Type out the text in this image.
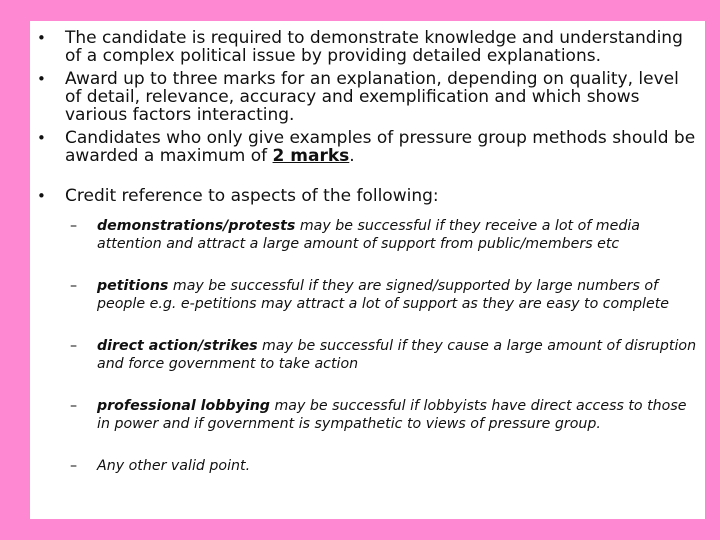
• The candidate is required to demonstrate knowledge and understanding of a complex political issue by providing detailed explanations.
• Award up to three marks for an explanation, depending on quality, level of detail, relevance, accuracy and exemplification and which shows various factors interacting.
• Candidates who only give examples of pressure group methods should be awarded a maximum of 2 marks.
• Credit reference to aspects of the following:
– demonstrations/protests may be successful if they receive a lot of media attention and attract a large amount of support from public/members etc
– petitions may be successful if they are signed/supported by large numbers of people e.g. e-petitions may attract a lot of support as they are easy to complete
– direct action/strikes may be successful if they cause a large amount of disruption and force government to take action
– professional lobbying may be successful if lobbyists have direct access to those in power and if government is sympathetic to views of pressure group.
– Any other valid point.
